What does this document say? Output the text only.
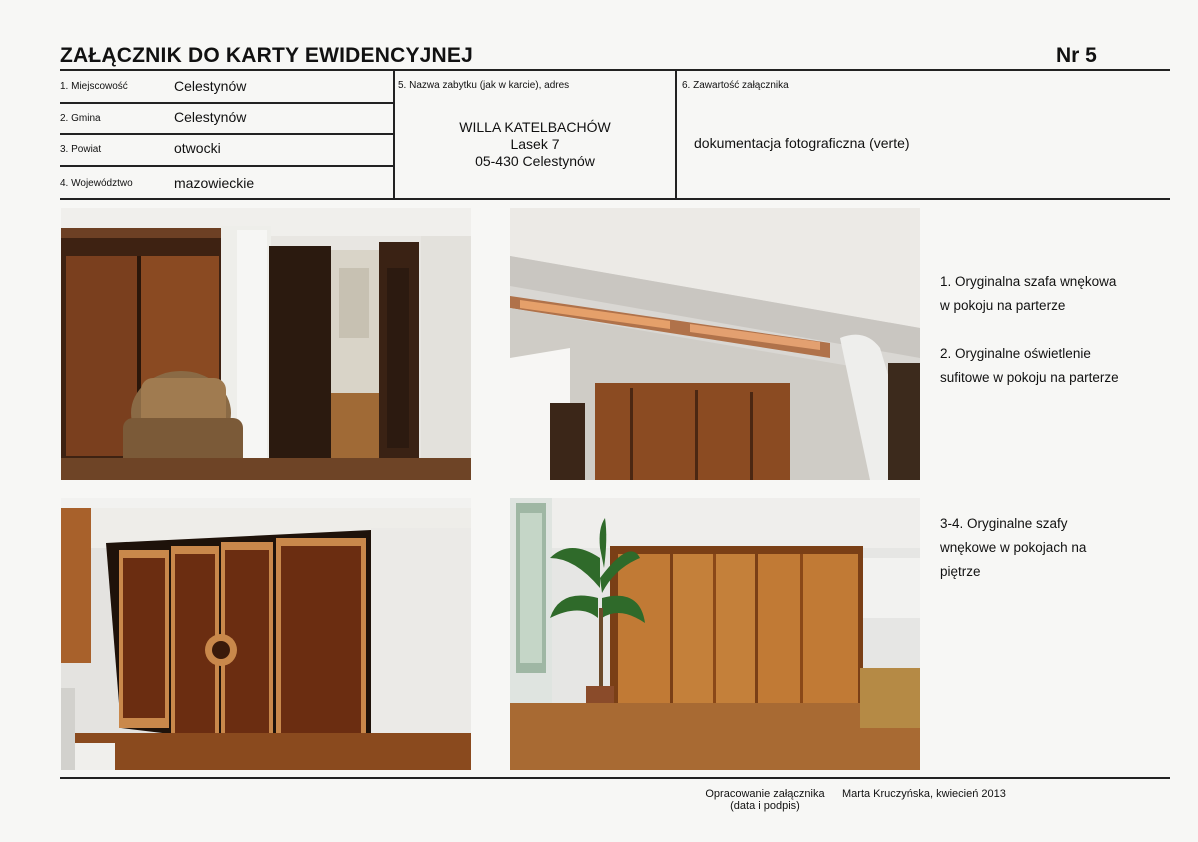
ZAŁĄCZNIK DO KARTY EWIDENCYJNEJ	Nr 5
1. Miejscowość	Celestynów
2. Gmina	Celestynów
3. Powiat	otwocki
4. Województwo	mazowieckie
5. Nazwa zabytku (jak w karcie), adres
WILLA KATELBACHÓW
Lasek 7
05-430 Celestynów
6. Zawartość załącznika
dokumentacja fotograficzna (verte)
1. Oryginalna szafa wnękowa
w pokoju na parterze
2. Oryginalne oświetlenie
sufitowe w pokoju na parterze
3-4. Oryginalne szafy
wnękowe w pokojach na
piętrze
Opracowanie załącznika
(data i podpis)
Marta Kruczyńska, kwiecień 2013
